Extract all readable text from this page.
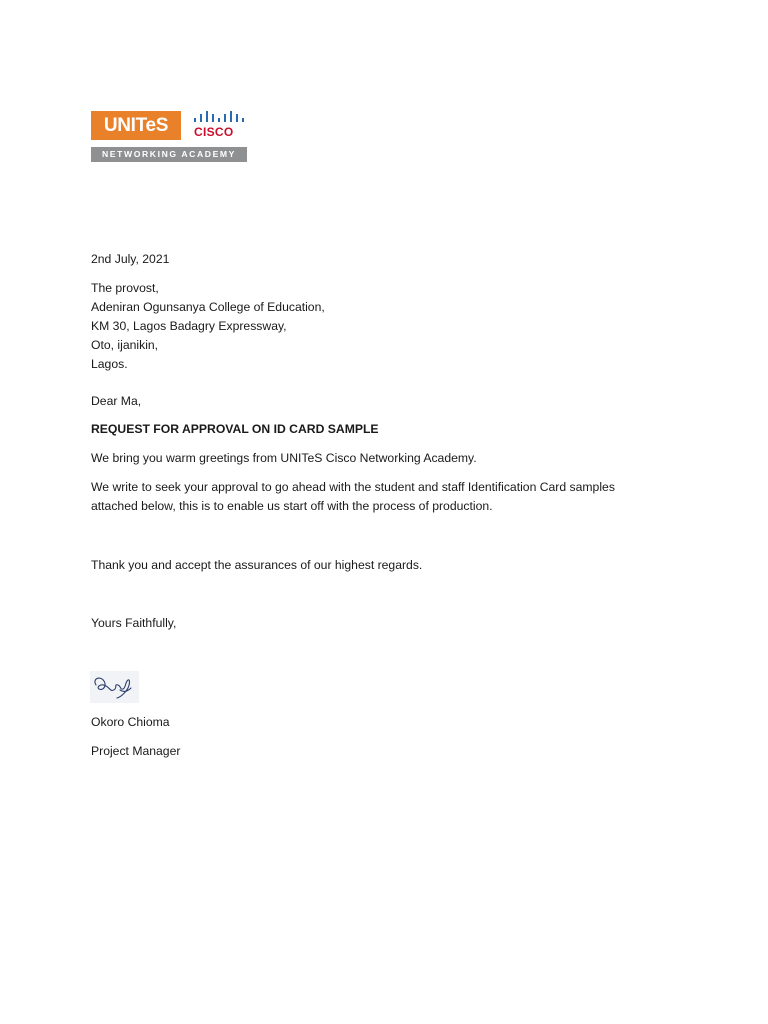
UNITeS	CISCO
NETWORKING ACADEMY
2nd July, 2021
The provost,
Adeniran Ogunsanya College of Education,
KM 30, Lagos Badagry Expressway,
Oto, ijanikin,
Lagos.
Dear Ma,
REQUEST FOR APPROVAL ON ID CARD SAMPLE
We bring you warm greetings from UNITeS Cisco Networking Academy.
We write to seek your approval to go ahead with the student and staff Identification Card samples
attached below, this is to enable us start off with the process of production.
Thank you and accept the assurances of our highest regards.
Yours Faithfully,
Okoro Chioma
Project Manager
